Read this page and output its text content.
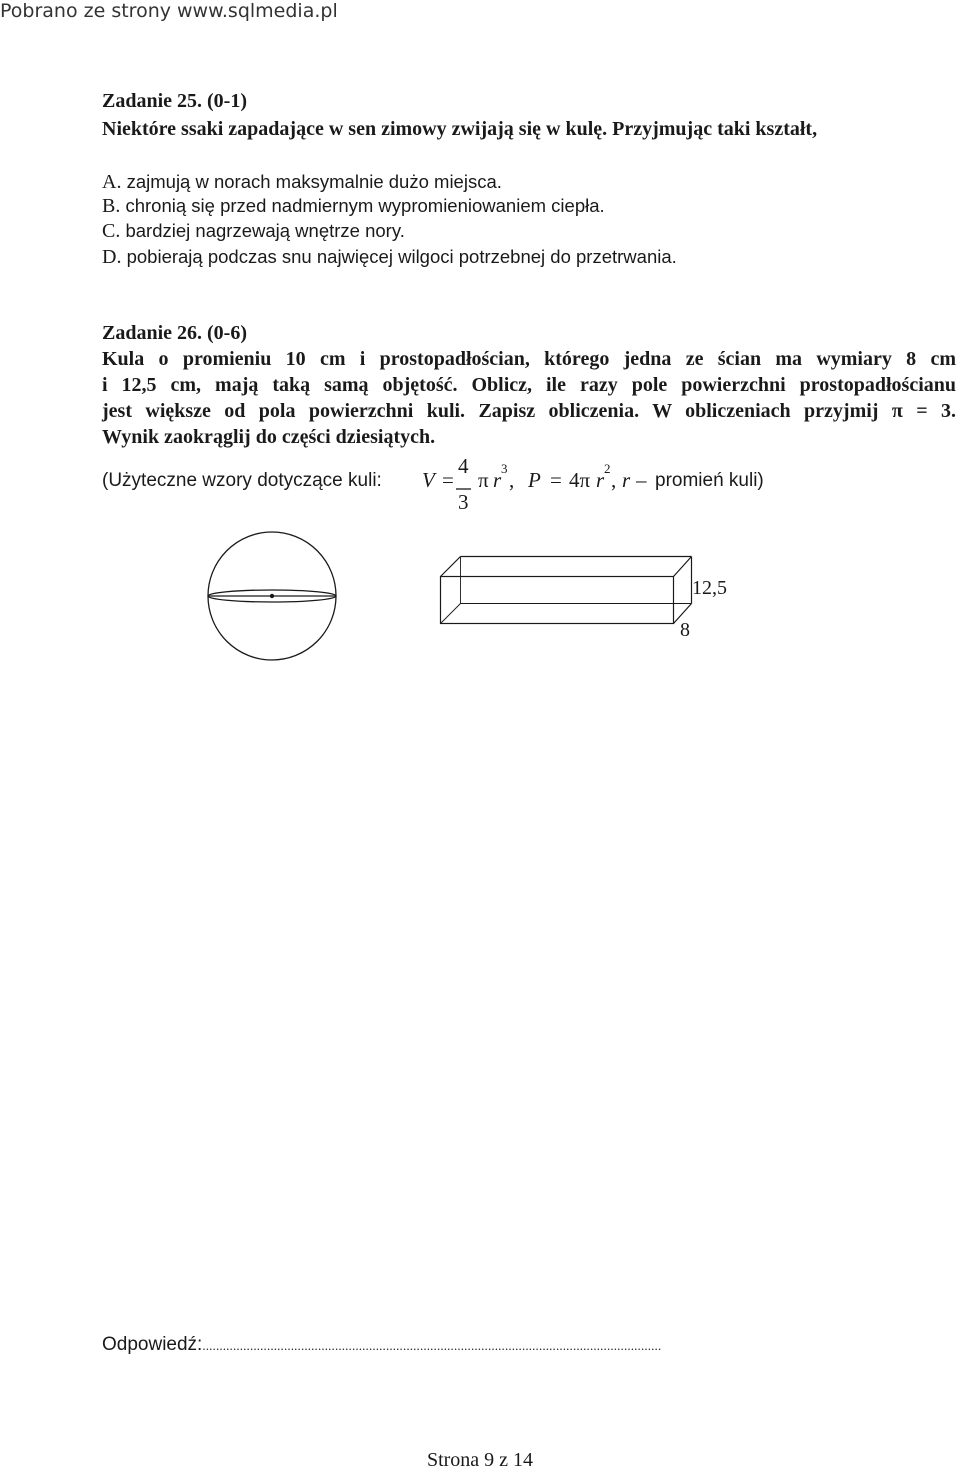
Pobrano ze strony www.sqlmedia.pl
Zadanie 25. (0-1)
Niektóre ssaki zapadające w sen zimowy zwijają się w kulę. Przyjmując taki kształt,
A. zajmują w norach maksymalnie dużo miejsca.
B. chronią się przed nadmiernym wypromieniowaniem ciepła.
C. bardziej nagrzewają wnętrze nory.
D. pobierają podczas snu najwięcej wilgoci potrzebnej do przetrwania.
Zadanie 26. (0-6)
Kula o promieniu 10 cm i prostopadłościan, którego jedna ze ścian ma wymiary 8 cm
i 12,5 cm, mają taką samą objętość. Oblicz, ile razy pole powierzchni prostopadłościanu
jest większe od pola powierzchni kuli. Zapisz obliczenia. W obliczeniach przyjmij π = 3.
Wynik zaokrąglij do części dziesiątych.
(Użyteczne wzory dotyczące kuli: V =
4
3
π r 3 , P = 4π r 2 , r – promień kuli)
12,5
8
Odpowiedź:.......................................................................................................................................
Strona 9 z 14
